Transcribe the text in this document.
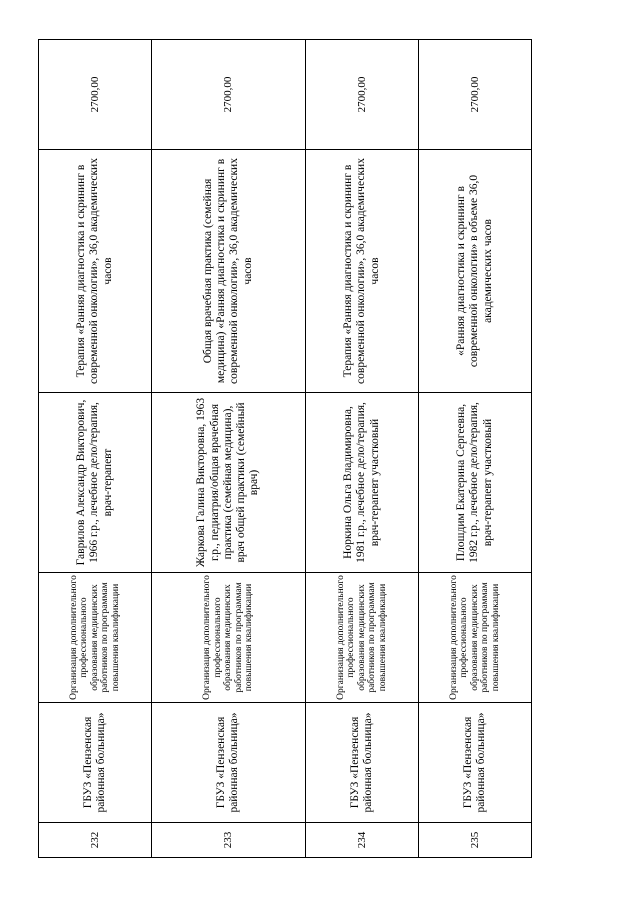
232	ГБУЗ «Пензенская районная больница»	Организация дополнительного профессионального образования медицинских работников по программам повышения квалификации	Гаврилов Александр Викторович, 1966 г.р., лечебное дело/терапия, врач-терапевт	Терапия «Ранняя диагностика и скрининг в современной онкологии», 36,0 академических часов	2700,00
233	ГБУЗ «Пензенская районная больница»	Организация дополнительного профессионального образования медицинских работников по программам повышения квалификации	Жаркова Галина Викторовна, 1963 г.р., педиатрия/общая врачебная практика (семейная медицина), врач общей практики (семейный врач)	Общая врачебная практика (семейная медицина) «Ранняя диагностика и скрининг в современной онкологии», 36,0 академических часов	2700,00
234	ГБУЗ «Пензенская районная больница»	Организация дополнительного профессионального образования медицинских работников по программам повышения квалификации	Норкина Ольга Владимировна, 1981 г.р., лечебное дело/терапия, врач-терапевт участковый	Терапия «Ранняя диагностика и скрининг в современной онкологии», 36,0 академических часов	2700,00
235	ГБУЗ «Пензенская районная больница»	Организация дополнительного профессионального образования медицинских работников по программам повышения квалификации	Плошдим Екатерина Сергеевна, 1982 г.р., лечебное дело/терапия, врач-терапевт участковый	«Ранняя диагностика и скрининг в современной онкологии» в объеме 36,0 академических часов	2700,00
